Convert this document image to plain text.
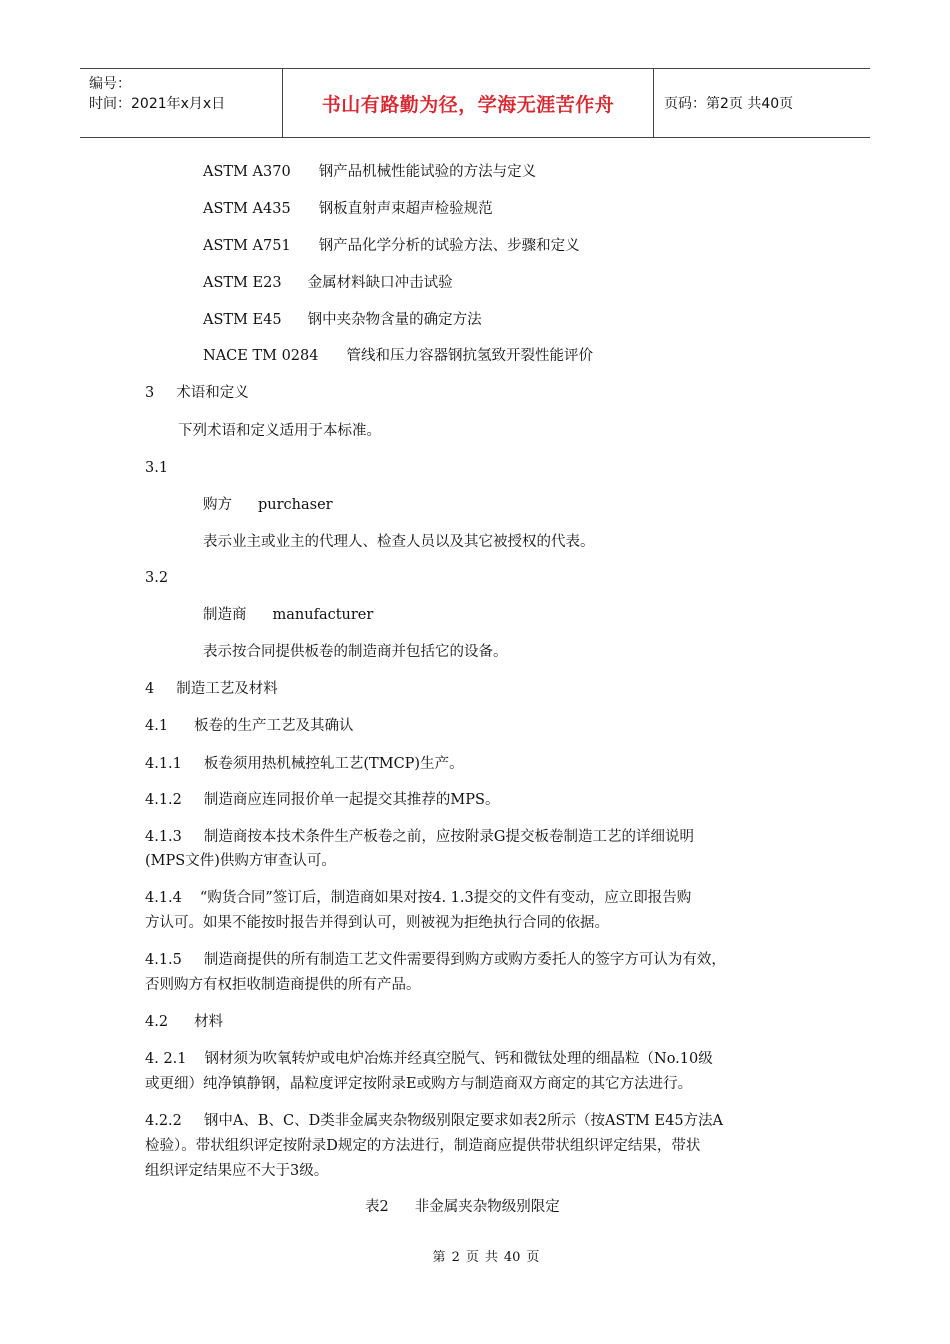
编号：
时间：2021年x月x日	书山有路勤为径，学海无涯苦作舟	页码：第2页 共40页
ASTM A370 钢产品机械性能试验的方法与定义
ASTM A435 钢板直射声束超声检验规范
ASTM A751 钢产品化学分析的试验方法、步骤和定义
ASTM E23 金属材料缺口冲击试验
ASTM E45 钢中夹杂物含量的确定方法
NACE TM 0284 管线和压力容器钢抗氢致开裂性能评价
3 术语和定义
下列术语和定义适用于本标准。
3.1
购方 purchaser
表示业主或业主的代理人、检查人员以及其它被授权的代表。
3.2
制造商 manufacturer
表示按合同提供板卷的制造商并包括它的设备。
4 制造工艺及材料
4.1 板卷的生产工艺及其确认
4.1.1 板卷须用热机械控轧工艺(TMCP)生产。
4.1.2 制造商应连同报价单一起提交其推荐的MPS。
4.1.3 制造商按本技术条件生产板卷之前，应按附录G提交板卷制造工艺的详细说明
(MPS文件)供购方审查认可。
4.1.4 “购货合同”签订后，制造商如果对按4. 1.3提交的文件有变动，应立即报告购
方认可。如果不能按时报告并得到认可，则被视为拒绝执行合同的依据。
4.1.5 制造商提供的所有制造工艺文件需要得到购方或购方委托人的签字方可认为有效，
否则购方有权拒收制造商提供的所有产品。
4.2 材料
4. 2.1 钢材须为吹氧转炉或电炉冶炼并经真空脱气、钙和微钛处理的细晶粒（No.10级
或更细）纯净镇静钢，晶粒度评定按附录E或购方与制造商双方商定的其它方法进行。
4.2.2 钢中A、B、C、D类非金属夹杂物级别限定要求如表2所示（按ASTM E45方法A
检验）。带状组织评定按附录D规定的方法进行，制造商应提供带状组织评定结果，带状
组织评定结果应不大于3级。
表2 非金属夹杂物级别限定
第 2 页 共 40 页
